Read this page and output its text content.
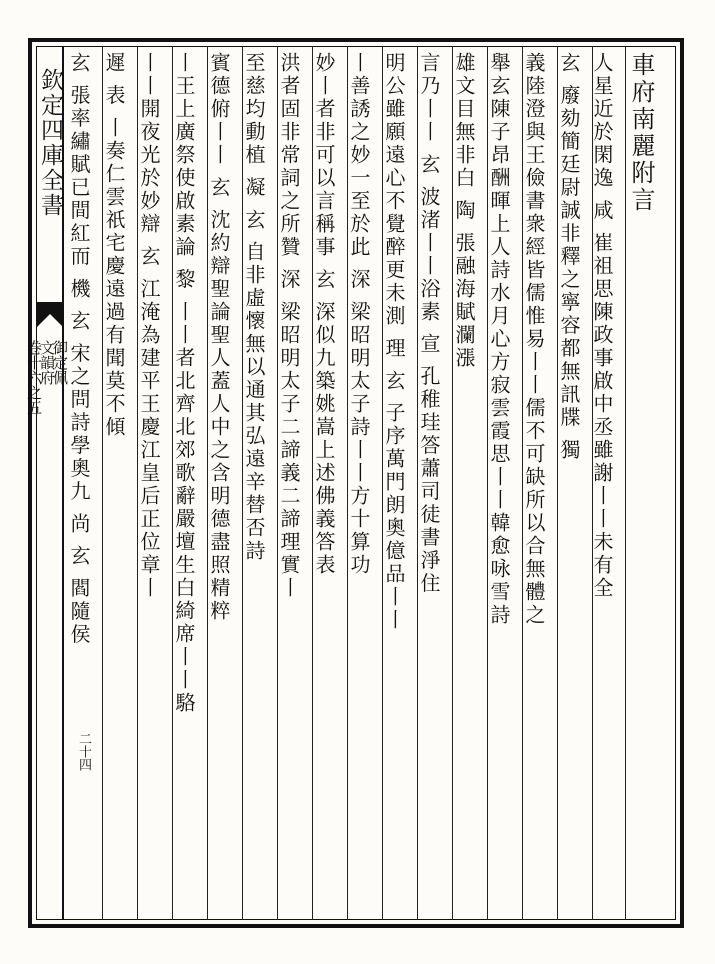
欽定四庫全書
御定佩
文韻府
卷十六之五
二十四
車府南麗附言
人星近於閑逸 咸 崔祖思陳政事啟中丞雖謝丨丨未有全
玄 廢劾簡廷尉誠非釋之寧容都無訊牒 獨
義陸澄與王儉書衆經皆儒惟易丨丨儒不可缺所以合無體之
舉玄陳子昂酬暉上人詩水月心方寂雲霞思丨丨韓愈咏雪詩
雄文目無非白 陶 張融海賦瀾漲
言乃丨丨 玄 波渚丨丨浴素 宣 孔稚珪答蕭司徒書淨住
明公雖願遠心不覺醉更未測 理 玄 子序萬門朗奧億品丨丨
丨善誘之妙一至於此 深 梁昭明太子詩丨丨方十算功
妙丨者非可以言稱事 玄 深似九築姚嵩上述佛義答表
洪者固非常詞之所贊 深 梁昭明太子二諦義二諦理實丨
至慈均動植 凝 玄 自非虛懷無以通其弘遠辛替否詩
賓德俯丨丨 玄 沈約辯聖論聖人蓋人中之含明德盡照精粹
丨王上廣祭使啟素論 黎 丨丨者北齊北郊歌辭嚴壇生白綺席丨丨駱
丨丨開夜光於妙辯 玄 江淹為建平王慶江皇后正位章丨
遲 表 丨奏仁雲祇宅慶遠過有聞莫不傾
玄 張率繡賦已間紅而 機 玄 宋之問詩學奧九 尚 玄 閻隨侯
